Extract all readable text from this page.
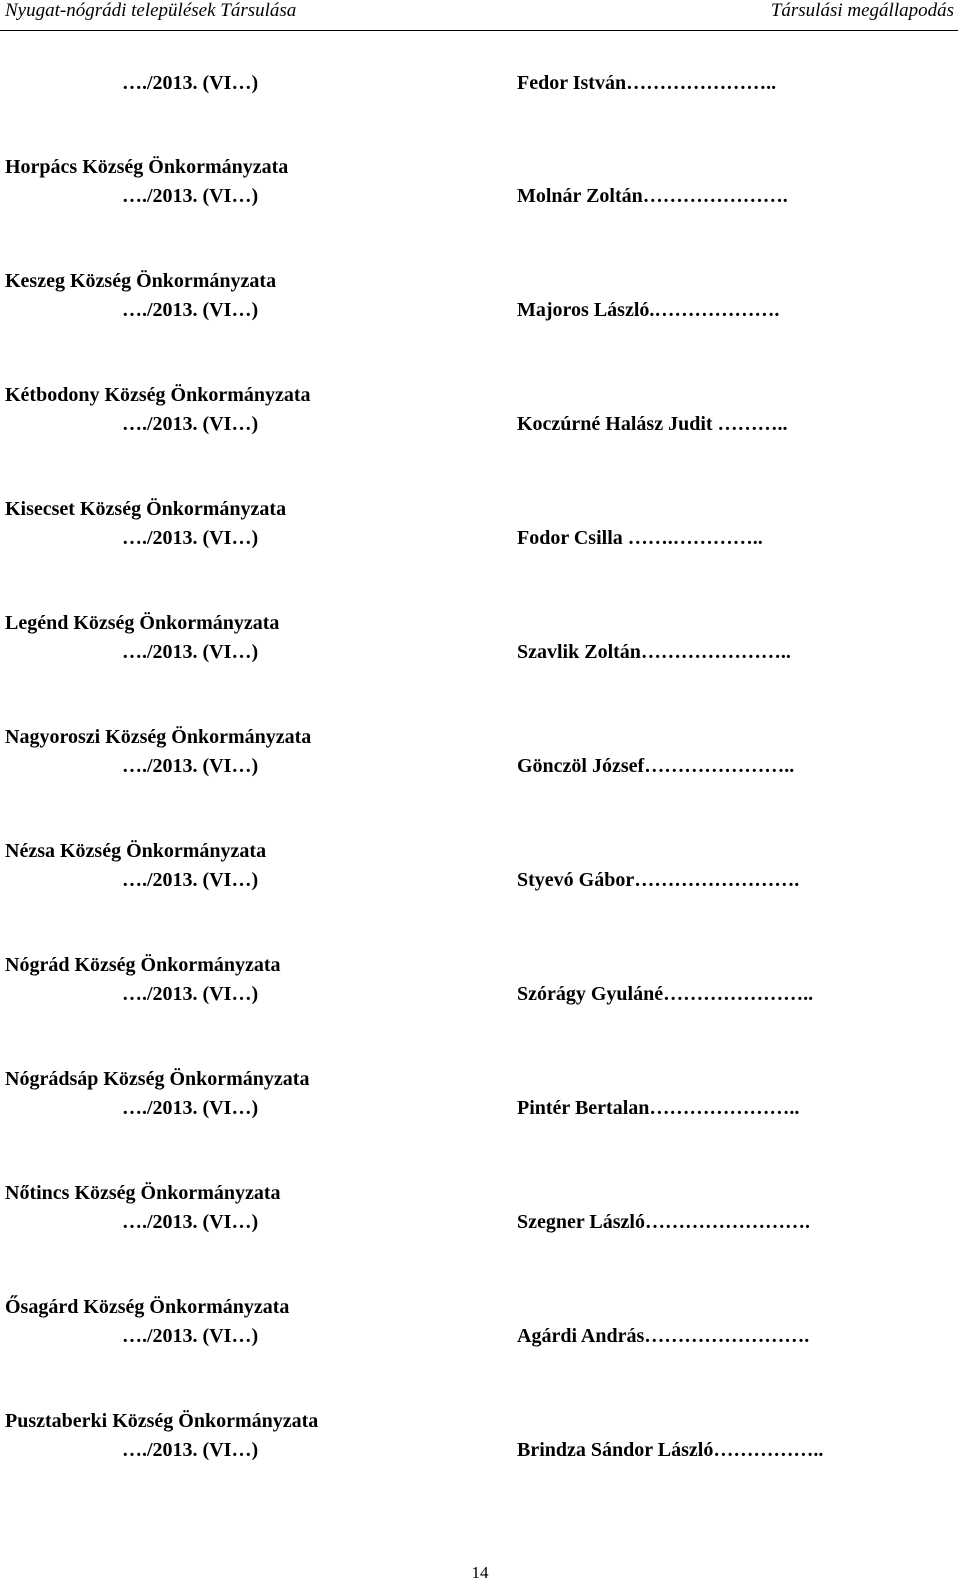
Nyugat-nógrádi települések Társulása	Társulási megállapodás
…./2013. (VI…)	Fedor István…………………..
Horpács Község Önkormányzata
…./2013. (VI…)	Molnár Zoltán………………….
Keszeg Község Önkormányzata
…./2013. (VI…)	Majoros László.……………….
Kétbodony Község Önkormányzata
…./2013. (VI…)	Koczúrné Halász Judit ………..
Kisecset Község Önkormányzata
…./2013. (VI…)	Fodor Csilla …….…………..
Legénd Község Önkormányzata
…./2013. (VI…)	Szavlik Zoltán…………………..
Nagyoroszi Község Önkormányzata
…./2013. (VI…)	Gönczöl József…………………..
Nézsa Község Önkormányzata
…./2013. (VI…)	Styevó Gábor…………………….
Nógrád Község Önkormányzata
…./2013. (VI…)	Szórágy Gyuláné…………………..
Nógrádsáp Község Önkormányzata
…./2013. (VI…)	Pintér Bertalan…………………..
Nőtincs Község Önkormányzata
…./2013. (VI…)	Szegner László…………………….
Ősagárd Község Önkormányzata
…./2013. (VI…)	Agárdi András…………………….
Pusztaberki Község Önkormányzata
…./2013. (VI…)	Brindza Sándor László……………..
14
